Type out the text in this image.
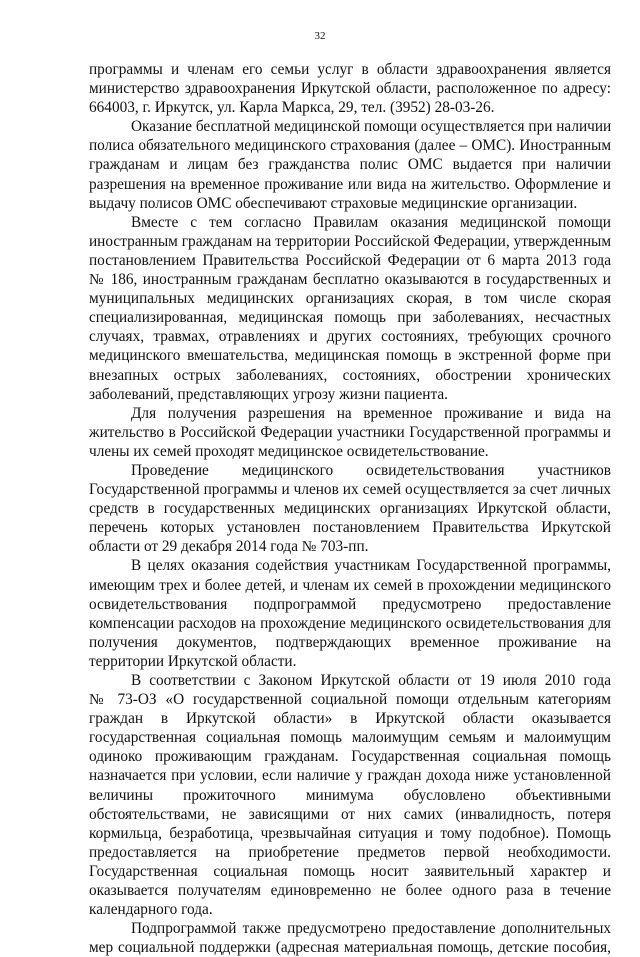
32
программы и членам его семьи услуг в области здравоохранения является
министерство здравоохранения Иркутской области, расположенное по адресу:
664003, г. Иркутск, ул. Карла Маркса, 29, тел. (3952) 28-03-26.
Оказание бесплатной медицинской помощи осуществляется при наличии
полиса обязательного медицинского страхования (далее – ОМС). Иностранным
гражданам и лицам без гражданства полис ОМС выдается при наличии
разрешения на временное проживание или вида на жительство. Оформление и
выдачу полисов ОМС обеспечивают страховые медицинские организации.
Вместе с тем согласно Правилам оказания медицинской помощи
иностранным гражданам на территории Российской Федерации, утвержденным
постановлением Правительства Российской Федерации от 6 марта 2013 года
№ 186, иностранным гражданам бесплатно оказываются в государственных и
муниципальных медицинских организациях скорая, в том числе скорая
специализированная, медицинская помощь при заболеваниях, несчастных
случаях, травмах, отравлениях и других состояниях, требующих срочного
медицинского вмешательства, медицинская помощь в экстренной форме при
внезапных острых заболеваниях, состояниях, обострении хронических
заболеваний, представляющих угрозу жизни пациента.
Для получения разрешения на временное проживание и вида на
жительство в Российской Федерации участники Государственной программы и
члены их семей проходят медицинское освидетельствование.
Проведение медицинского освидетельствования участников
Государственной программы и членов их семей осуществляется за счет личных
средств в государственных медицинских организациях Иркутской области,
перечень которых установлен постановлением Правительства Иркутской
области от 29 декабря 2014 года № 703-пп.
В целях оказания содействия участникам Государственной программы,
имеющим трех и более детей, и членам их семей в прохождении медицинского
освидетельствования подпрограммой предусмотрено предоставление
компенсации расходов на прохождение медицинского освидетельствования для
получения документов, подтверждающих временное проживание на
территории Иркутской области.
В соответствии с Законом Иркутской области от 19 июля 2010 года
№ 73-ОЗ «О государственной социальной помощи отдельным категориям
граждан в Иркутской области» в Иркутской области оказывается
государственная социальная помощь малоимущим семьям и малоимущим
одиноко проживающим гражданам. Государственная социальная помощь
назначается при условии, если наличие у граждан дохода ниже установленной
величины прожиточного минимума обусловлено объективными
обстоятельствами, не зависящими от них самих (инвалидность, потеря
кормильца, безработица, чрезвычайная ситуация и тому подобное). Помощь
предоставляется на приобретение предметов первой необходимости.
Государственная социальная помощь носит заявительный характер и
оказывается получателям единовременно не более одного раза в течение
календарного года.
Подпрограммой также предусмотрено предоставление дополнительных
мер социальной поддержки (адресная материальная помощь, детские пособия,
